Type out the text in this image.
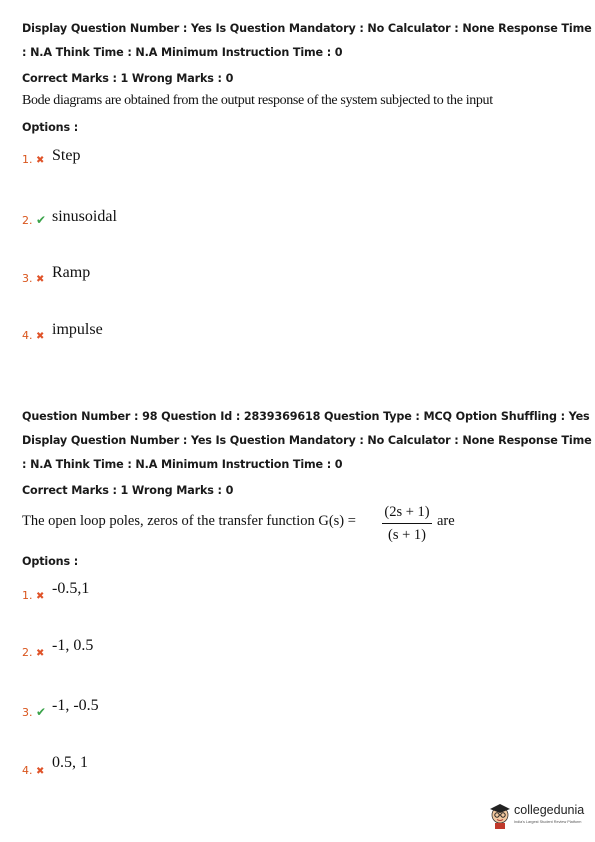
Display Question Number : Yes Is Question Mandatory : No Calculator : None Response Time
: N.A Think Time : N.A Minimum Instruction Time : 0
Correct Marks : 1 Wrong Marks : 0
Bode diagrams are obtained from the output response of the system subjected to the input
Options :
1. ✖ Step
2. ✔ sinusoidal
3. ✖ Ramp
4. ✖ impulse
Question Number : 98 Question Id : 2839369618 Question Type : MCQ Option Shuffling : Yes
Display Question Number : Yes Is Question Mandatory : No Calculator : None Response Time
: N.A Think Time : N.A Minimum Instruction Time : 0
Correct Marks : 1 Wrong Marks : 0
The open loop poles, zeros of the transfer function G(s) =
(2s + 1)
(s + 1)
are
Options :
1. ✖ -0.5,1
2. ✖ -1, 0.5
3. ✔ -1, -0.5
4. ✖
0.5, 1
collegedunia
India's Largest Student Review Platform
